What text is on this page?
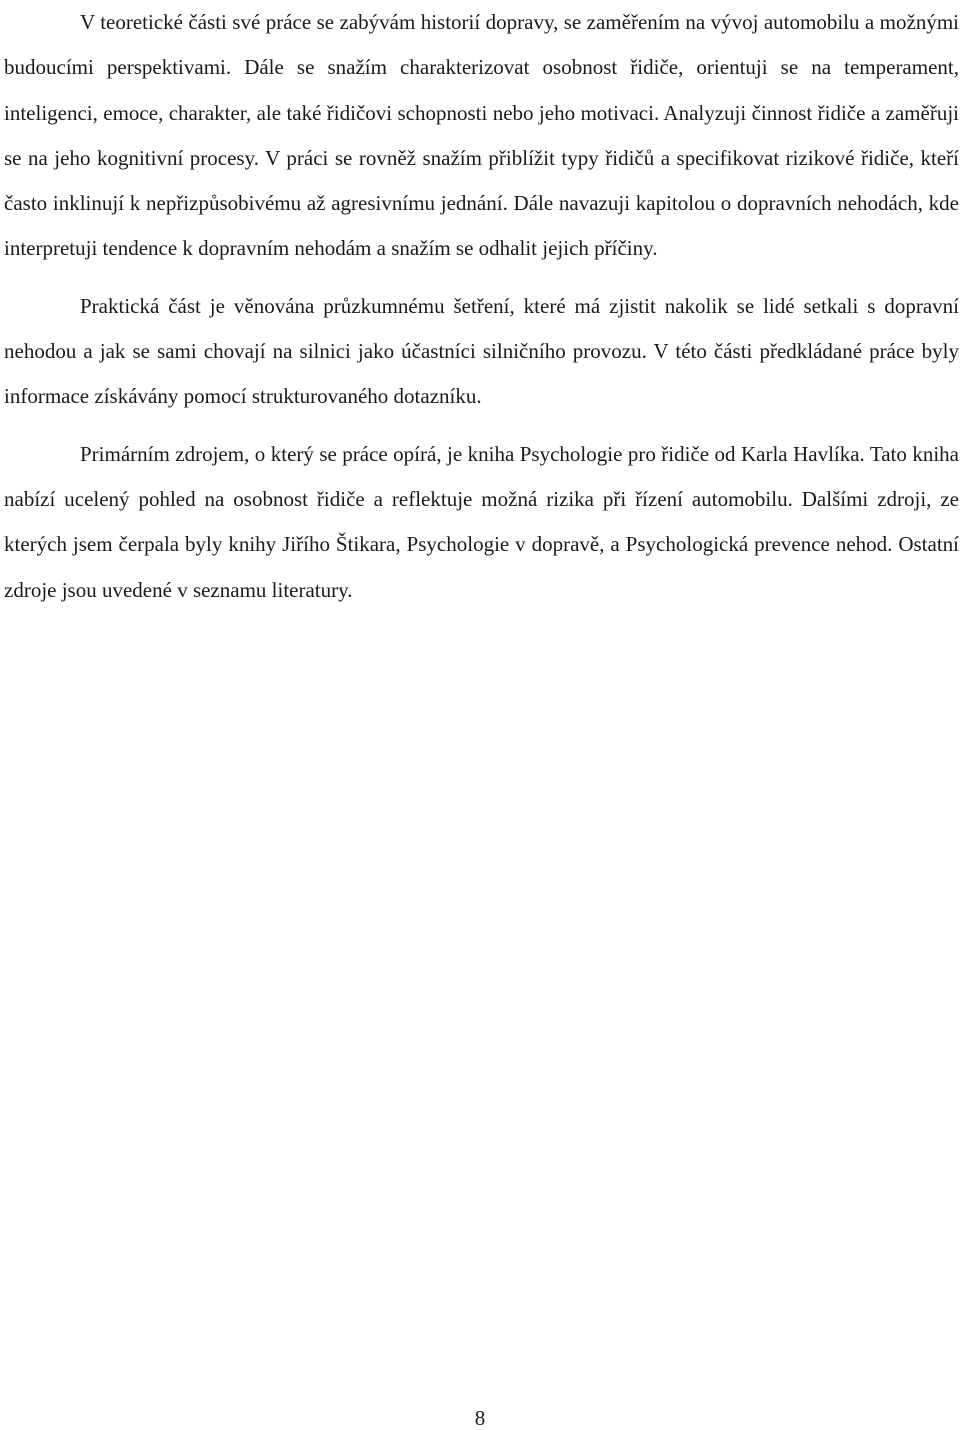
V teoretické části své práce se zabývám historií dopravy, se zaměřením na vývoj automobilu a možnými budoucími perspektivami. Dále se snažím charakterizovat osobnost řidiče, orientuji se na temperament, inteligenci, emoce, charakter, ale také řidičovi schopnosti nebo jeho motivaci. Analyzuji činnost řidiče a zaměřuji se na jeho kognitivní procesy. V práci se rovněž snažím přiblížit typy řidičů a specifikovat rizikové řidiče, kteří často inklinují k nepřizpůsobivému až agresivnímu jednání. Dále navazuji kapitolou o dopravních nehodách, kde interpretuji tendence k dopravním nehodám a snažím se odhalit jejich příčiny.

Praktická část je věnována průzkumnému šetření, které má zjistit nakolik se lidé setkali s dopravní nehodou a jak se sami chovají na silnici jako účastníci silničního provozu. V této části předkládané práce byly informace získávány pomocí strukturovaného dotazníku.

Primárním zdrojem, o který se práce opírá, je kniha Psychologie pro řidiče od Karla Havlíka. Tato kniha nabízí ucelený pohled na osobnost řidiče a reflektuje možná rizika při řízení automobilu. Dalšími zdroji, ze kterých jsem čerpala byly knihy Jiřího Štikara, Psychologie v dopravě, a Psychologická prevence nehod. Ostatní zdroje jsou uvedené v seznamu literatury.

8
